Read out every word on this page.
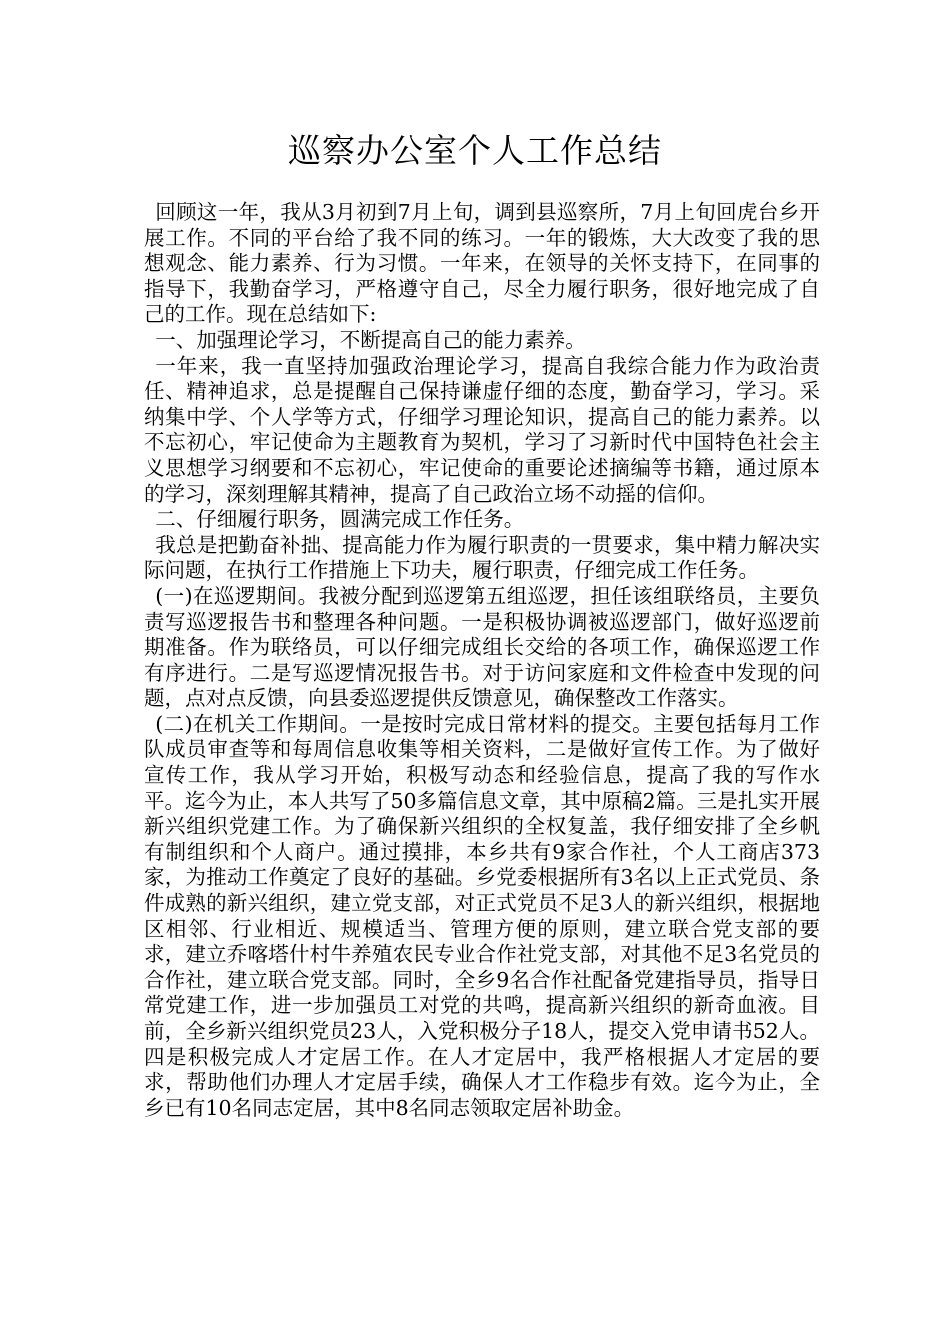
巡察办公室个人工作总结

回顾这一年，我从3月初到7月上旬，调到县巡察所，7月上旬回虎台乡开展工作。不同的平台给了我不同的练习。一年的锻炼，大大改变了我的思想观念、能力素养、行为习惯。一年来，在领导的关怀支持下，在同事的指导下，我勤奋学习，严格遵守自己，尽全力履行职务，很好地完成了自己的工作。现在总结如下:

一、加强理论学习，不断提高自己的能力素养。

一年来，我一直坚持加强政治理论学习，提高自我综合能力作为政治责任、精神追求，总是提醒自己保持谦虚仔细的态度，勤奋学习，学习。采纳集中学、个人学等方式，仔细学习理论知识，提高自己的能力素养。以不忘初心，牢记使命为主题教育为契机，学习了习新时代中国特色社会主义思想学习纲要和不忘初心，牢记使命的重要论述摘编等书籍，通过原本的学习，深刻理解其精神，提高了自己政治立场不动摇的信仰。

二、仔细履行职务，圆满完成工作任务。

我总是把勤奋补拙、提高能力作为履行职责的一贯要求，集中精力解决实际问题，在执行工作措施上下功夫，履行职责，仔细完成工作任务。

(一)在巡逻期间。我被分配到巡逻第五组巡逻，担任该组联络员，主要负责写巡逻报告书和整理各种问题。一是积极协调被巡逻部门，做好巡逻前期准备。作为联络员，可以仔细完成组长交给的各项工作，确保巡逻工作有序进行。二是写巡逻情况报告书。对于访问家庭和文件检查中发现的问题，点对点反馈，向县委巡逻提供反馈意见，确保整改工作落实。

(二)在机关工作期间。一是按时完成日常材料的提交。主要包括每月工作队成员审查等和每周信息收集等相关资料，二是做好宣传工作。为了做好宣传工作，我从学习开始，积极写动态和经验信息，提高了我的写作水平。迄今为止，本人共写了50多篇信息文章，其中原稿2篇。三是扎实开展新兴组织党建工作。为了确保新兴组织的全权复盖，我仔细安排了全乡帆有制组织和个人商户。通过摸排，本乡共有9家合作社，个人工商店373家，为推动工作奠定了良好的基础。乡党委根据所有3名以上正式党员、条件成熟的新兴组织，建立党支部，对正式党员不足3人的新兴组织，根据地区相邻、行业相近、规模适当、管理方便的原则，建立联合党支部的要求，建立乔喀塔什村牛养殖农民专业合作社党支部，对其他不足3名党员的合作社，建立联合党支部。同时，全乡9名合作社配备党建指导员，指导日常党建工作，进一步加强员工对党的共鸣，提高新兴组织的新奇血液。目前，全乡新兴组织党员23人，入党积极分子18人，提交入党申请书52人。四是积极完成人才定居工作。在人才定居中，我严格根据人才定居的要求，帮助他们办理人才定居手续，确保人才工作稳步有效。迄今为止，全乡已有10名同志定居，其中8名同志领取定居补助金。
